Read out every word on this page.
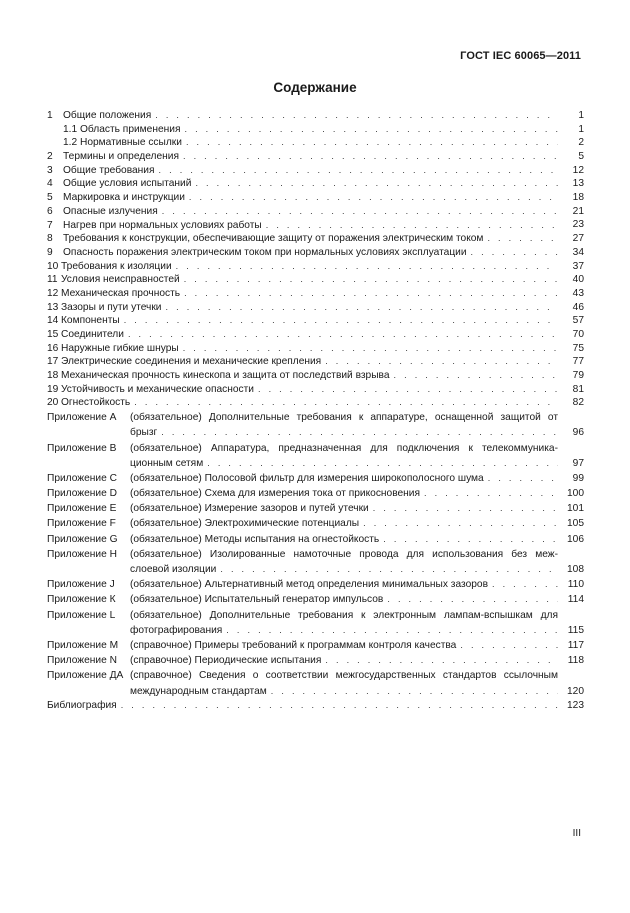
ГОСТ IEC 60065—2011
Содержание
1 Общие положения . . .	1
1.1 Область применения . . .	1
1.2 Нормативные ссылки . . .	2
2 Термины и определения . . .	5
3 Общие требования . . .	12
4 Общие условия испытаний . . .	13
5 Маркировка и инструкции . . .	18
6 Опасные излучения . . .	21
7 Нагрев при нормальных условиях работы . . .	23
8 Требования к конструкции, обеспечивающие защиту от поражения электрическим током . . .	27
9 Опасность поражения электрическим током при нормальных условиях эксплуатации . . .	34
10 Требования к изоляции . . .	37
11 Условия неисправностей . . .	40
12 Механическая прочность . . .	43
13 Зазоры и пути утечки . . .	46
14 Компоненты . . .	57
15 Соединители . . .	70
16 Наружные гибкие шнуры . . .	75
17 Электрические соединения и механические крепления . . .	77
18 Механическая прочность кинескопа и защита от последствий взрыва . . .	79
19 Устойчивость и механические опасности . . .	81
20 Огнестойкость . . .	82
Приложение А (обязательное) Дополнительные требования к аппаратуре, оснащенной защитой от
брызг . . .	96
Приложение В (обязательное) Аппаратура, предназначенная для подключения к телекоммуника-
ционным сетям . . .	97
Приложение С (обязательное) Полосовой фильтр для измерения широкополосного шума . . .	99
Приложение D (обязательное) Схема для измерения тока от прикосновения . . .	100
Приложение Е (обязательное) Измерение зазоров и путей утечки . . .	101
Приложение F (обязательное) Электрохимические потенциалы . . .	105
Приложение G (обязательное) Методы испытания на огнестойкость . . .	106
Приложение Н (обязательное) Изолированные намоточные провода для использования без меж-
слоевой изоляции . . .	108
Приложение J (обязательное) Альтернативный метод определения минимальных зазоров . . .	110
Приложение К (обязательное) Испытательный генератор импульсов . . .	114
Приложение L (обязательное) Дополнительные требования к электронным лампам-вспышкам для
фотографирования . . .	115
Приложение М (справочное) Примеры требований к программам контроля качества . . .	117
Приложение N (справочное) Периодические испытания . . .	118
Приложение ДА (справочное) Сведения о соответствии межгосударственных стандартов ссылочным
международным стандартам . . .	120
Библиография . . .	123
III
